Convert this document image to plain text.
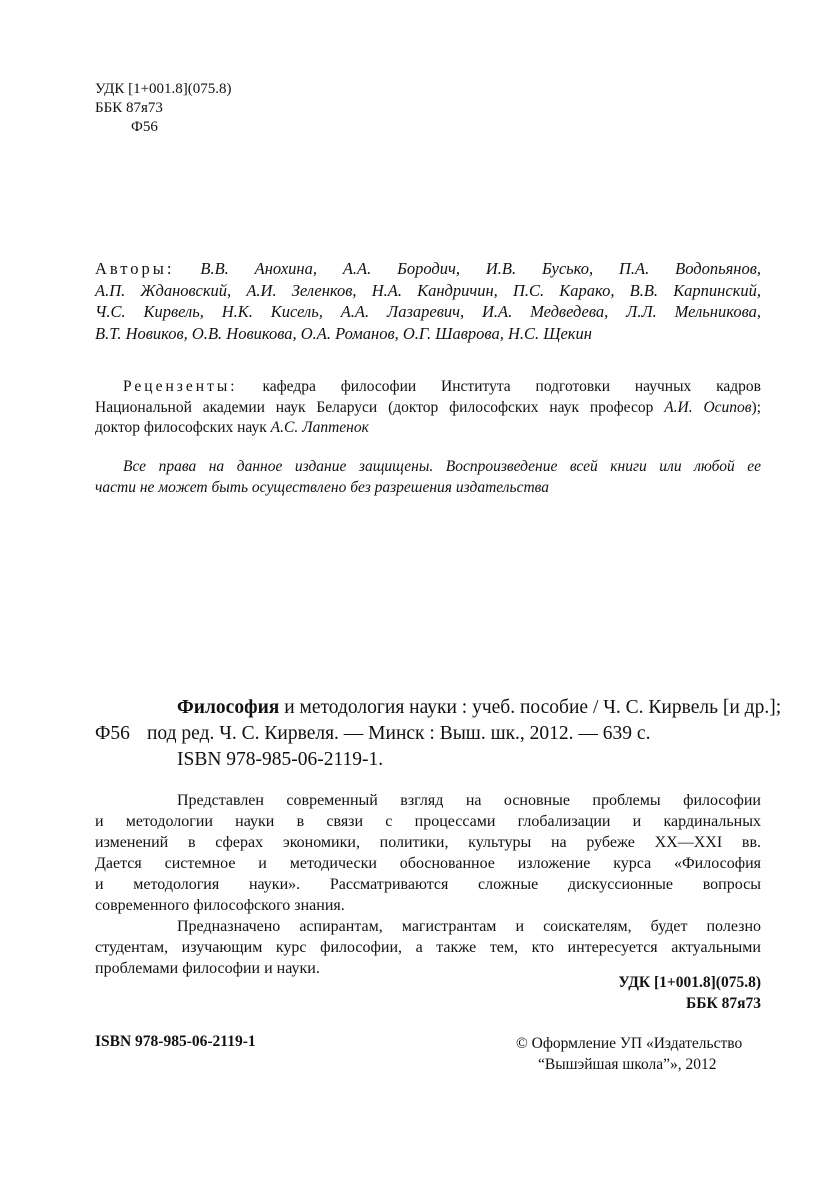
УДК [1+001.8](075.8)
ББК 87я73
Ф56
Авторы: В.В. Анохина, А.А. Бородич, И.В. Бусько, П.А. Водопьянов,
А.П. Ждановский, А.И. Зеленков, Н.А. Кандричин, П.С. Карако, В.В. Карпинский,
Ч.С. Кирвель, Н.К. Кисель, А.А. Лазаревич, И.А. Медведева, Л.Л. Мельникова,
В.Т. Новиков, О.В. Новикова, О.А. Романов, О.Г. Шаврова, Н.С. Щекин
Рецензенты: кафедра философии Института подготовки научных кадров
Национальной академии наук Беларуси (доктор философских наук професор А.И. Осипов);
доктор философских наук А.С. Лаптенок
Все права на данное издание защищены. Воспроизведение всей книги или любой ее
части не может быть осуществлено без разрешения издательства
Философия и методология науки : учеб. пособие / Ч. С. Кирвель [и др.];
Ф56 под ред. Ч. С. Кирвеля. — Минск : Выш. шк., 2012. — 639 с.
ISBN 978-985-06-2119-1.
Представлен современный взгляд на основные проблемы философии
и методологии науки в связи с процессами глобализации и кардинальных
изменений в сферах экономики, политики, культуры на рубеже XX—XXI вв.
Дается системное и методически обоснованное изложение курса «Философия
и методология науки». Рассматриваются сложные дискуссионные вопросы
современного философского знания.
Предназначено аспирантам, магистрантам и соискателям, будет полезно
студентам, изучающим курс философии, а также тем, кто интересуется актуальными
проблемами философии и науки.
УДК [1+001.8](075.8)
ББК 87я73
ISBN 978-985-06-2119-1	© Оформление УП «Издательство
“Вышэйшая школа”», 2012
